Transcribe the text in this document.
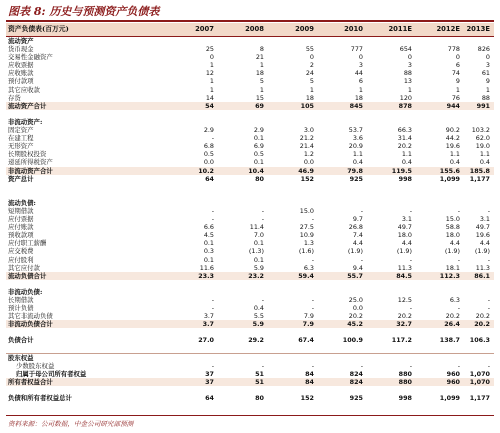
图表 8: 历史与预测资产负债表
资产负债表(百万元)	2007	2008	2009	2010	2011E	2012E 2013E
流动资产
货币现金	25	8	55	777	654	778	826
交易性金融资产	0	21	0	0	0	0	0
应收票据	1	1	2	3	3	6	3
应收账款	12	18	24	44	88	74	61
预付款项	1	5	5	6	13	9	9
其它应收款	1	1	1	1	1	1	1
存货	14	15	18	18	120	76	88
流动资产合计	54	69	105	845	878	944	991
非流动资产:
固定资产	2.9	2.9	3.0	53.7	66.3	90.2	103.2
在建工程	-	0.1	21.2	3.6	31.4	44.2	62.0
无形资产	6.8	6.9	21.4	20.9	20.2	19.6	19.0
长期股权投资	0.5	0.5	1.2	1.1	1.1	1.1	1.1
递延所得税资产	0.0	0.1	0.0	0.4	0.4	0.4	0.4
非流动资产合计	10.2	10.4	46.9	79.8	119.5	155.6	185.8
资产总计	64	80	152	925	998	1,099	1,177
流动负债:
短期借款	-	-	15.0	-	-	-	-
应付票据	-	-	-	9.7	3.1	15.0	3.1
应付账款	6.6	11.4	27.5	26.8	49.7	58.8	49.7
预收款项	4.5	7.0	10.9	7.4	18.0	18.0	19.6
应付职工薪酬	0.1	0.1	1.3	4.4	4.4	4.4	4.4
应交税费	0.3	(1.3)	(1.6)	(1.9)	(1.9)	(1.9)	(1.9)
应付股利	0.1	0.1	-	-	-	-	-
其它应付款	11.6	5.9	6.3	9.4	11.3	18.1	11.3
流动负债合计	23.3	23.2	59.4	55.7	84.5	112.3	86.1
非流动负债:
长期借款	-	-	-	25.0	12.5	6.3	-
预计负债	-	0.4	-	0.0	-	-	-
其它非流动负债	3.7	5.5	7.9	20.2	20.2	20.2	20.2
非流动负债合计	3.7	5.9	7.9	45.2	32.7	26.4	20.2
负债合计	27.0	29.2	67.4	100.9	117.2	138.7	106.3
股东权益
少数股东权益	-	-	-	-	-	-	-
归属于母公司所有者权益	37	51	84	824	880	960	1,070
所有者权益合计	37	51	84	824	880	960	1,070
负债和所有者权益总计	64	80	152	925	998	1,099	1,177
资料来源：公司数据，中金公司研究部预测
